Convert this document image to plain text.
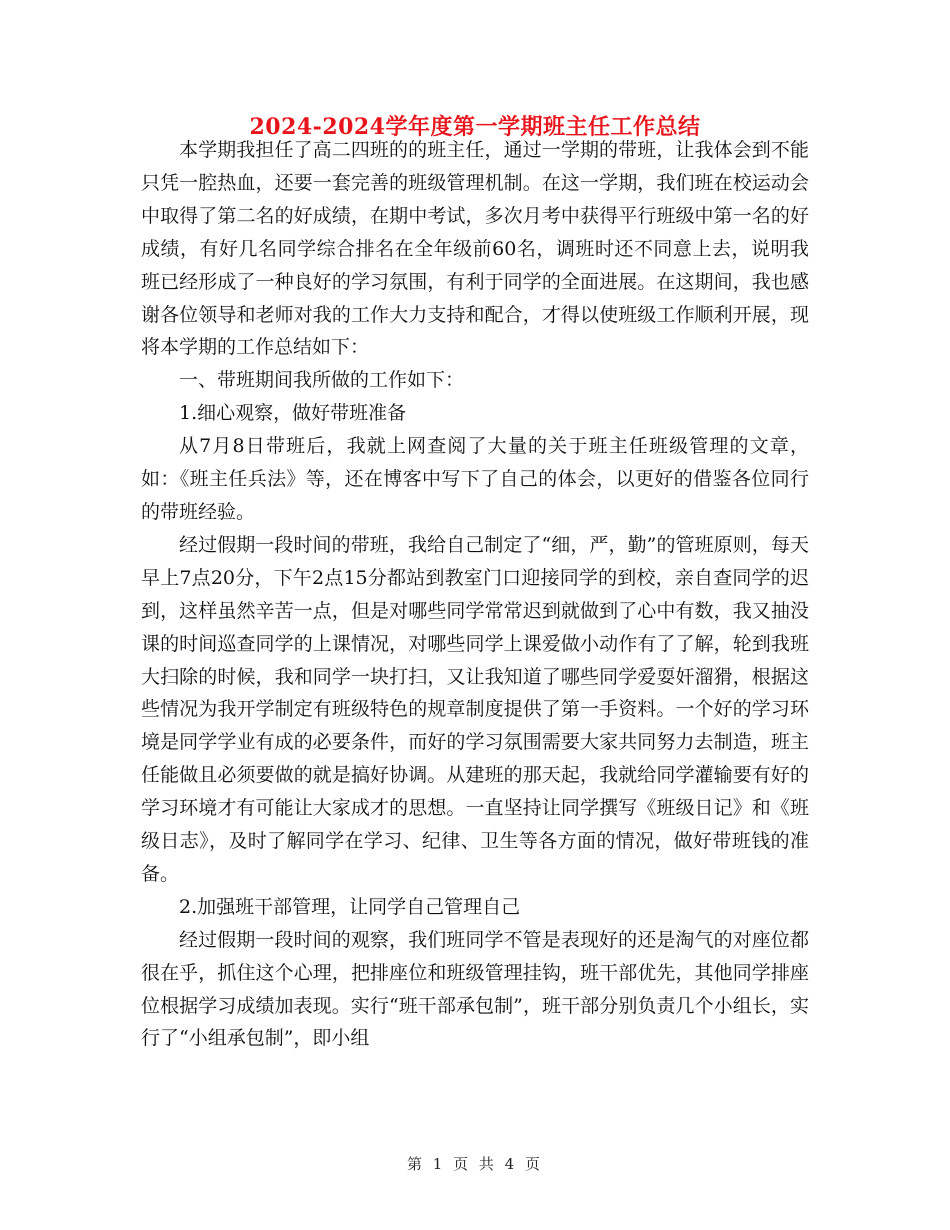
2024-2024学年度第一学期班主任工作总结

本学期我担任了高二四班的的班主任，通过一学期的带班，让我体会到不能只凭一腔热血，还要一套完善的班级管理机制。在这一学期，我们班在校运动会中取得了第二名的好成绩，在期中考试，多次月考中获得平行班级中第一名的好成绩，有好几名同学综合排名在全年级前60名，调班时还不同意上去，说明我班已经形成了一种良好的学习氛围，有利于同学的全面进展。在这期间，我也感谢各位领导和老师对我的工作大力支持和配合，才得以使班级工作顺利开展，现将本学期的工作总结如下：

一、带班期间我所做的工作如下：

1.细心观察，做好带班准备

从7月8日带班后，我就上网查阅了大量的关于班主任班级管理的文章，如：《班主任兵法》等，还在博客中写下了自己的体会，以更好的借鉴各位同行的带班经验。

经过假期一段时间的带班，我给自己制定了“细，严，勤”的管班原则，每天早上7点20分，下午2点15分都站到教室门口迎接同学的到校，亲自查同学的迟到，这样虽然辛苦一点，但是对哪些同学常常迟到就做到了心中有数，我又抽没课的时间巡查同学的上课情况，对哪些同学上课爱做小动作有了了解，轮到我班大扫除的时候，我和同学一块打扫，又让我知道了哪些同学爱耍奸溜猾，根据这些情况为我开学制定有班级特色的规章制度提供了第一手资料。一个好的学习环境是同学学业有成的必要条件，而好的学习氛围需要大家共同努力去制造，班主任能做且必须要做的就是搞好协调。从建班的那天起，我就给同学灌输要有好的学习环境才有可能让大家成才的思想。一直坚持让同学撰写《班级日记》和《班级日志》，及时了解同学在学习、纪律、卫生等各方面的情况，做好带班钱的准备。

2.加强班干部管理，让同学自己管理自己

经过假期一段时间的观察，我们班同学不管是表现好的还是淘气的对座位都很在乎，抓住这个心理，把排座位和班级管理挂钩，班干部优先，其他同学排座位根据学习成绩加表现。实行“班干部承包制”，班干部分别负责几个小组长，实行了“小组承包制”，即小组

第 1 页 共 4 页
